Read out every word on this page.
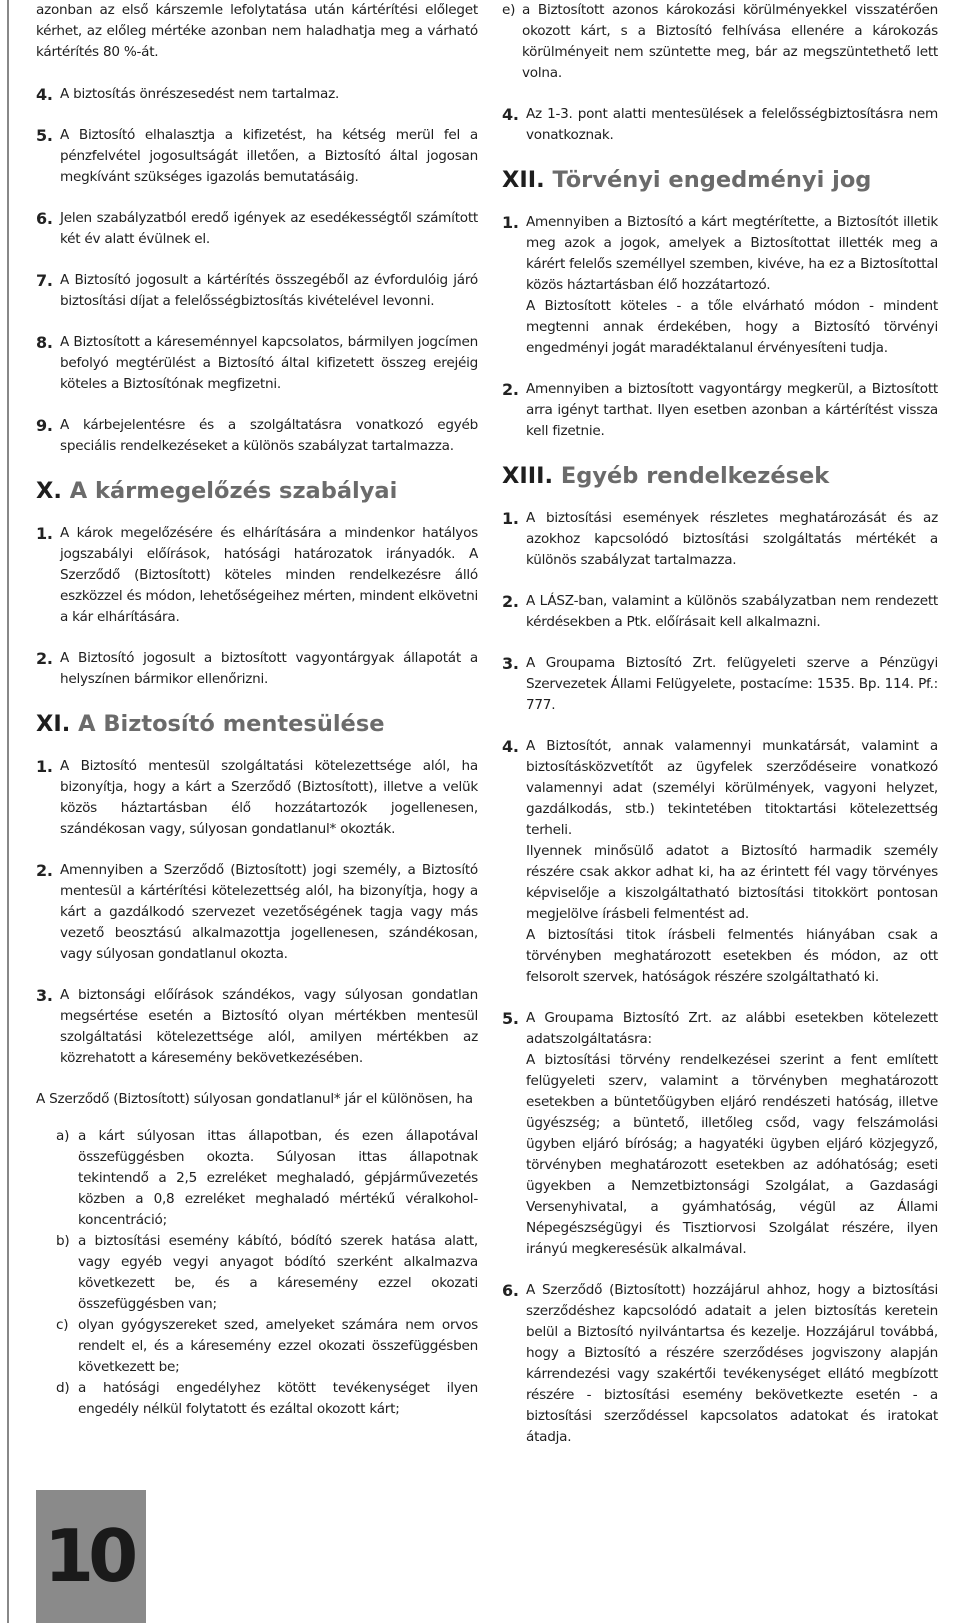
azonban az első kárszemle lefolytatása után kártérítési előleget kérhet, az előleg mértéke azonban nem haladhatja meg a várható kártérítés 80 %-át.

4. A biztosítás önrészesedést nem tartalmaz.
5. A Biztosító elhalasztja a kifizetést, ha kétség merül fel a pénzfelvétel jogosultságát illetően, a Biztosító által jogosan megkívánt szükséges igazolás bemutatásáig.
6. Jelen szabályzatból eredő igények az esedékességtől számított két év alatt évülnek el.
7. A Biztosító jogosult a kártérítés összegéből az évfordulóig járó biztosítási díjat a felelősségbiztosítás kivételével levonni.
8. A Biztosított a káreseménnyel kapcsolatos, bármilyen jogcímen befolyó megtérülést a Biztosító által kifizetett összeg erejéig köteles a Biztosítónak megfizetni.
9. A kárbejelentésre és a szolgáltatásra vonatkozó egyéb speciális rendelkezéseket a különös szabályzat tartalmazza.
X. A kármegelőzés szabályai
1. A károk megelőzésére és elhárítására a mindenkor hatályos jogszabályi előírások, hatósági határozatok irányadók. A Szerződő (Biztosított) köteles minden rendelkezésre álló eszközzel és módon, lehetőségeihez mérten, mindent elkövetni a kár elhárítására.
2. A Biztosító jogosult a biztosított vagyontárgyak állapotát a helyszínen bármikor ellenőrizni.
XI. A Biztosító mentesülése
1. A Biztosító mentesül szolgáltatási kötelezettsége alól, ha bizonyítja, hogy a kárt a Szerződő (Biztosított), illetve a velük közös háztartásban élő hozzátartozók jogellenesen, szándékosan vagy, súlyosan gondatlanul* okozták.
2. Amennyiben a Szerződő (Biztosított) jogi személy, a Biztosító mentesül a kártérítési kötelezettség alól, ha bizonyítja, hogy a kárt a gazdálkodó szervezet vezetőségének tagja vagy más vezető beosztású alkalmazottja jogellenesen, szándékosan, vagy súlyosan gondatlanul okozta.
3. A biztonsági előírások szándékos, vagy súlyosan gondatlan megsértése esetén a Biztosító olyan mértékben mentesül szolgáltatási kötelezettsége alól, amilyen mértékben az közrehatott a káresemény bekövetkezésében.

A Szerződő (Biztosított) súlyosan gondatlanul* jár el különösen, ha

a) a kárt súlyosan ittas állapotban, és ezen állapotával összefüggésben okozta. Súlyosan ittas állapotnak tekintendő a 2,5 ezreléket meghaladó, gépjárművezetés közben a 0,8 ezreléket meghaladó mértékű véralkohol-koncentráció;
b) a biztosítási esemény kábító, bódító szerek hatása alatt, vagy egyéb vegyi anyagot bódító szerként alkalmazva következett be, és a káresemény ezzel okozati összefüggésben van;
c) olyan gyógyszereket szed, amelyeket számára nem orvos rendelt el, és a káresemény ezzel okozati összefüggésben következett be;
d) a hatósági engedélyhez kötött tevékenységet ilyen engedély nélkül folytatott és ezáltal okozott kárt;
e) a Biztosított azonos károkozási körülményekkel visszatérően okozott kárt, s a Biztosító felhívása ellenére a károkozás körülményeit nem szüntette meg, bár az megszüntethető lett volna.
4. Az 1-3. pont alatti mentesülések a felelősségbiztosításra nem vonatkoznak.
XII. Törvényi engedményi jog
1. Amennyiben a Biztosító a kárt megtérítette, a Biztosítót illetik meg azok a jogok, amelyek a Biztosítottat illették meg a kárért felelős személlyel szemben, kivéve, ha ez a Biztosítottal közös háztartásban élő hozzátartozó.
A Biztosított köteles - a tőle elvárható módon - mindent megtenni annak érdekében, hogy a Biztosító törvényi engedményi jogát maradéktalanul érvényesíteni tudja.
2. Amennyiben a biztosított vagyontárgy megkerül, a Biztosított arra igényt tarthat. Ilyen esetben azonban a kártérítést vissza kell fizetnie.
XIII. Egyéb rendelkezések
1. A biztosítási események részletes meghatározását és az azokhoz kapcsolódó biztosítási szolgáltatás mértékét a különös szabályzat tartalmazza.
2. A LÁSZ-ban, valamint a különös szabályzatban nem rendezett kérdésekben a Ptk. előírásait kell alkalmazni.
3. A Groupama Biztosító Zrt. felügyeleti szerve a Pénzügyi Szervezetek Állami Felügyelete, postacíme: 1535. Bp. 114. Pf.: 777.
4. A Biztosítót, annak valamennyi munkatársát, valamint a biztosításközvetítőt az ügyfelek szerződéseire vonatkozó valamennyi adat (személyi körülmények, vagyoni helyzet, gazdálkodás, stb.) tekintetében titoktartási kötelezettség terheli.
Ilyennek minősülő adatot a Biztosító harmadik személy részére csak akkor adhat ki, ha az érintett fél vagy törvényes képviselője a kiszolgáltatható biztosítási titokkört pontosan megjelölve írásbeli felmentést ad.
A biztosítási titok írásbeli felmentés hiányában csak a törvényben meghatározott esetekben és módon, az ott felsorolt szervek, hatóságok részére szolgáltatható ki.
5. A Groupama Biztosító Zrt. az alábbi esetekben kötelezett adatszolgáltatásra:
A biztosítási törvény rendelkezései szerint a fent említett felügyeleti szerv, valamint a törvényben meghatározott esetekben a büntetőügyben eljáró rendészeti hatóság, illetve ügyészség; a büntető, illetőleg csőd, vagy felszámolási ügyben eljáró bíróság; a hagyatéki ügyben eljáró közjegyző, törvényben meghatározott esetekben az adóhatóság; eseti ügyekben a Nemzetbiztonsági Szolgálat, a Gazdasági Versenyhivatal, a gyámhatóság, végül az Állami Népegészségügyi és Tisztiorvosi Szolgálat részére, ilyen irányú megkeresésük alkalmával.
6. A Szerződő (Biztosított) hozzájárul ahhoz, hogy a biztosítási szerződéshez kapcsolódó adatait a jelen biztosítás keretein belül a Biztosító nyilvántartsa és kezelje. Hozzájárul továbbá, hogy a Biztosító a részére szerződéses jogviszony alapján kárrendezési vagy szakértői tevékenységet ellátó megbízott részére - biztosítási esemény bekövetkezte esetén - a biztosítási szerződéssel kapcsolatos adatokat és iratokat átadja.
10
